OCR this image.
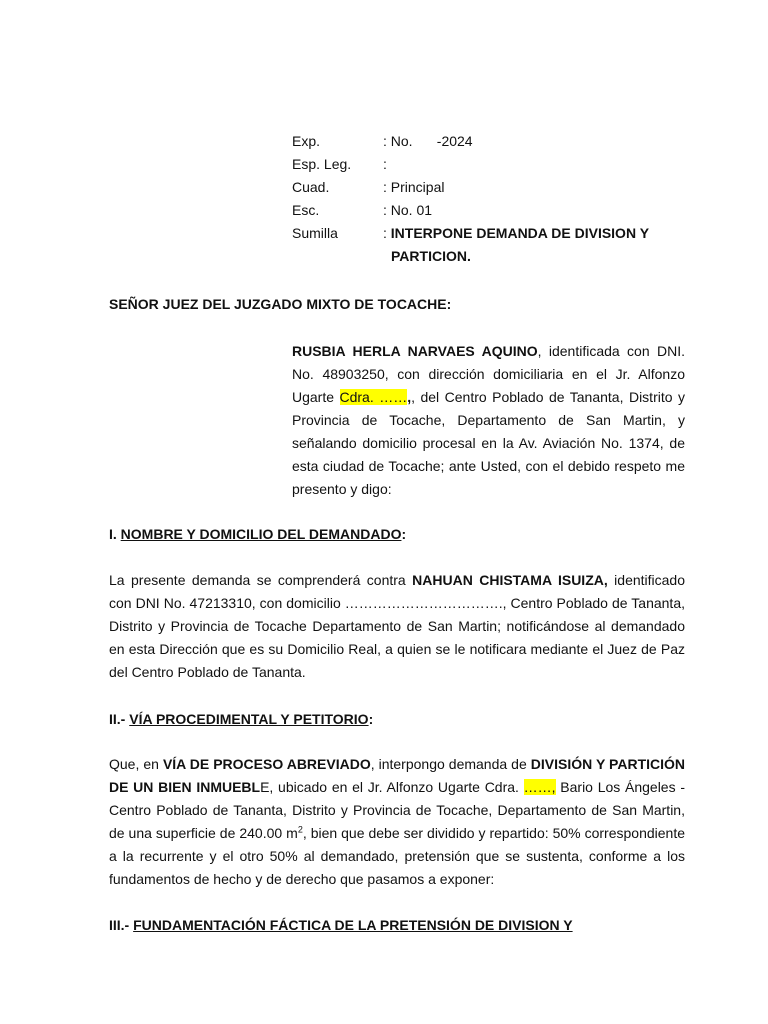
Exp.	: No. -2024
Esp. Leg.	:
Cuad.	: Principal
Esc.	: No. 01
Sumilla	: INTERPONE DEMANDA DE DIVISION Y
PARTICION.
SEÑOR JUEZ DEL JUZGADO MIXTO DE TOCACHE:
RUSBIA HERLA NARVAES AQUINO, identificada con DNI. No. 48903250, con dirección domiciliaria en el Jr. Alfonzo Ugarte Cdra. ……,, del Centro Poblado de Tananta, Distrito y Provincia de Tocache, Departamento de San Martin, y señalando domicilio procesal en la Av. Aviación No. 1374, de esta ciudad de Tocache; ante Usted, con el debido respeto me presento y digo:
I. NOMBRE Y DOMICILIO DEL DEMANDADO:
La presente demanda se comprenderá contra NAHUAN CHISTAMA ISUIZA, identificado con DNI No. 47213310, con domicilio ……………………………., Centro Poblado de Tananta, Distrito y Provincia de Tocache Departamento de San Martin; notificándose al demandado en esta Dirección que es su Domicilio Real, a quien se le notificara mediante el Juez de Paz del Centro Poblado de Tananta.
II.- VÍA PROCEDIMENTAL Y PETITORIO:
Que, en VÍA DE PROCESO ABREVIADO, interpongo demanda de DIVISIÓN Y PARTICIÓN DE UN BIEN INMUEBLE, ubicado en el Jr. Alfonzo Ugarte Cdra. ……, Bario Los Ángeles - Centro Poblado de Tananta, Distrito y Provincia de Tocache, Departamento de San Martin, de una superficie de 240.00 $m^2$, bien que debe ser dividido y repartido: 50% correspondiente a la recurrente y el otro 50% al demandado, pretensión que se sustenta, conforme a los fundamentos de hecho y de derecho que pasamos a exponer:
III.- FUNDAMENTACIÓN FÁCTICA DE LA PRETENSIÓN DE DIVISION Y
